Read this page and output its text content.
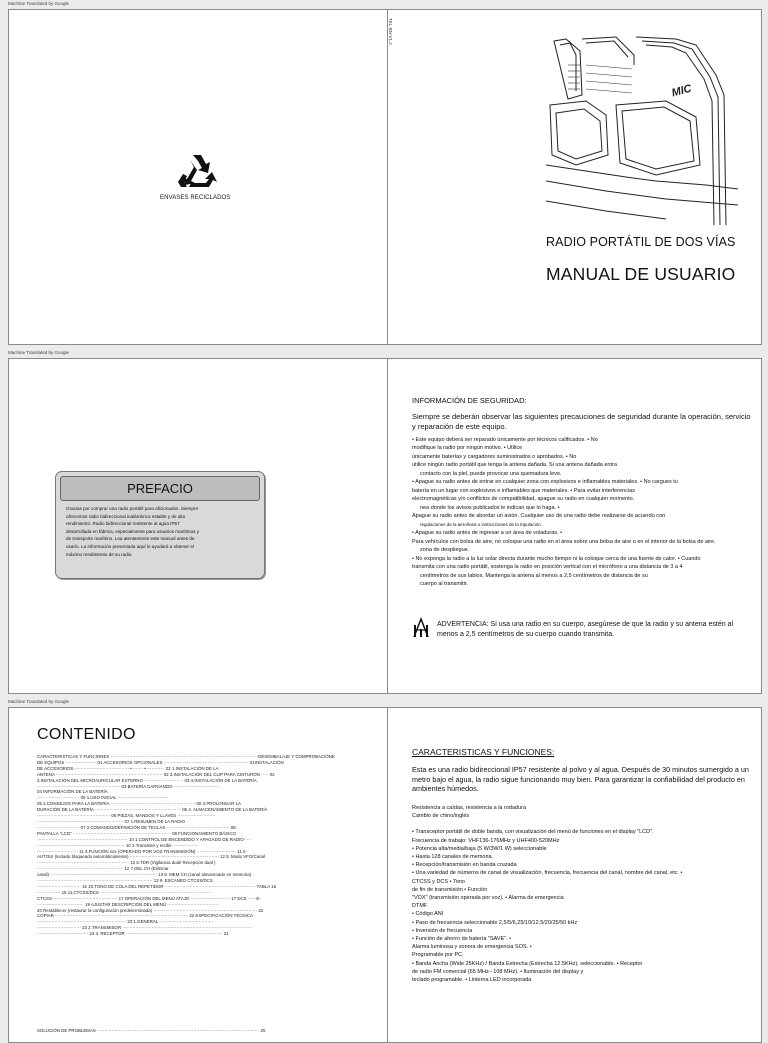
Machine Translated by Google
ENVASES RECICLADOS
TEL-BN-V1.2
MIC
RADIO PORTÁTIL DE DOS VÍAS
MANUAL DE USUARIO
Machine Translated by Google
PREFACIO
Gracias por comprar una radio portátil para aficionados. Siempre
ofrecemos radio bidireccional inalámbrica estable y de alto
rendimiento. Radio bidireccional resistente al agua IP57
desarrollada en fábrica, especialmente para usuarios marítimos y
de transporte marítimo. Lea atentamente este manual antes de
usarlo. La información presentada aquí le ayudará a obtener el
máximo rendimiento de su radio.
INFORMACIÓN DE SEGURIDAD:
Siempre se deberán observar las siguientes precauciones de seguridad durante la operación, servicio y reparación de este equipo.
• Este equipo deberá ser reparado únicamente por técnicos calificados. • No
modifique la radio por ningún motivo. • Utilice
únicamente baterías y cargadores suministrados o aprobados. • No
utilice ningún radio portátil que tenga la antena dañada. Si una antena dañada entra
contacto con la piel, puede provocar una quemadura leve.
• Apague su radio antes de entrar en cualquier zona con explosivos e inflamables materiales. • No cargues tu
batería en un lugar con explosivos e inflamables que materiales. • Para evitar interferencias
electromagnéticas y/o conflictos de compatibilidad, apague su radio en cualquier momento.
nea donde los avisos publicados le indican que lo haga. •
Apague su radio antes de abordar un avión. Cualquier uso de una radio debe realizarse de acuerdo con
regulaciones de la aerolínea o instrucciones de la tripulación.
• Apague su radio antes de ingresar a un área de voladuras. •
Para vehículos con bolsa de aire, no coloque una radio en el área sobre una bolsa de aire o en el interior de la bolsa de aire.
zona de despliegue.
• No exponga la radio a la luz solar directa durante mucho tiempo ni la coloque cerca de una fuente de calor. • Cuando
transmita con una radio portátil, sostenga la radio en posición vertical con el micrófono a una distancia de 3 a 4
centímetros de sus labios. Mantenga la antena al menos a 2,5 centímetros de distancia de su
cuerpo al transmitir.
ADVERTENCIA: Si usa una radio en su cuerpo, asegúrese de que la radio y su antena estén al menos a 2,5 centímetros de su cuerpo cuando transmita.
Machine Translated by Google
CONTENIDO
CARACTERISTICAS Y FUNCIONES ·····································································································DESEMBALAJE Y COMPROBACIÓNE
DE EQUIPOS ····················· 01 ACCESORIOS OPCIONALES ···························································01INSTALACIÓN
DE ACCESORIOS······································ • ······· • ············ 02 1.INSTALACIÓN DE LA
ANTENA ········································································· 02 2.INSTALACIÓN DEL CLIP PARA CINTURÓN ····· 02
3.INSTALACIÓN DEL MICROAURICULAR EXTERNO ························ ·· 03 4.INSTALACIÓN DE LA BATERÍA
························································· 03 BATERÍA CARGANDO ·······························
04 INFORMACIÓN DE LA BATERÍA
····························· 05 1.USO INICIAL ··································
05 2.CONSEJOS PARA LA BATERÍA ·························································· 05 3.PROLONGAR LA
DURACIÓN DE LA BATERÍA ··························································· 05 4. ALMACENAMIENTO DE LA BATERÍA
·················································· 06 PIEZAS, MANDOS Y LLAVES ··························
··························································· 07 1.RESUMEN DE LA RADIO
····························· 07 2.COMANDO/DEFINICIÓN DE TECLAS ··········································· 08
PANTALLA "LCD" ··································································· 09 FUNCIONAMIENTO BÁSICO
······························································ 10 1.CONTROL DE ENCENDIDO Y APAGADO DE RADIO·····
···························································· 10 2.Transmitir y recibir ·················
···························· 11 3.FUNCIÓN vox (OPERADO POR VOZ TRANSMISIÓN) ··························· 11 II-
AUTOUI (teclado bloqueado automáticamente) ····························································· 12 5. Modo VFO/Canal
······························································· 12 6.TDR (Vigilancia dual/ Recepción dual )
··························································· 12 7.DEL CH (Eliminar
canal) ········································································· 13 8. MEM CH (canal almacenado en memoria)
··············································································· 13 9. ESCANEO CTCSS/DCS
······························ 15 10.TONO DE COLA DEL REPETIDOR ······························································ TABLA 16
················ 15 11.CTCSS/DCS ············································································
CTCSS ············································ 17 OPERACIÓN DEL MENÚ ATAJO ··························· 17 DCS ····· E-
································ 19 AJUSTAR DESCRIPCIÓN DEL MENÚ ···································
20 Restablecer (restaurar la configuración predeterminada) ······································································· 22
COPIAR ··························································································· 22 ESPECIFICACIÓN TÉCNICA
····························································· 23 1.GENERAL ·····································
······························ 23 2.TRANSMISOR ·························································································
··································· 24 3. RECEPTOR ·································································· 24
SOLUCIÓN DE PROBLEMAS ··············································································································· 25
CARACTERISTICAS Y FUNCIONES:
Esta es una radio bidireccional IP57 resistente al polvo y al agua. Después de 30 minutos sumergido a un metro bajo el agua, la radio sigue funcionando muy bien. Para garantizar la confiabilidad del producto en ambientes húmedos.
Resistencia a caídas, resistencia a la rodadura
Cambio de chino/inglés
• Transceptor portátil de doble banda, con visualización del menú de funciones en el display "LCD".
Frecuencia de trabajo: VHF136-176MHz y UHF400-520MHz
• Potencia alta/media/baja (5 W/3W/1 W) seleccionable
• Hasta 128 canales de memoria.
• Recepción/transmisión en banda cruzada
• Una variedad de números de canal de visualización, frecuencia, frecuencia del canal, nombre del canal, etc. •
CTCSS y DCS • Tono
de fin de transmisión • Función
"VOX" (transmisión operada por voz). • Alarma de emergencia
DTMF
• Código ANI
• Paso de frecuencia seleccionable 2,5/5/6,25/10/12,5/20/25/50 kHz
• Inversión de frecuencia
• Función de ahorro de batería "SAVE". •
Alarma luminosa y sonora de emergencia SOS. •
Programable por PC.
• Banda Ancha (Wide 25KHz) / Banda Estrecha (Estrecha 12.5KHz), seleccionable. • Receptor
de radio FM comercial (65 MHz– 108 MHz). • Iluminación del display y
teclado programable. • Linterna LED incorporada
